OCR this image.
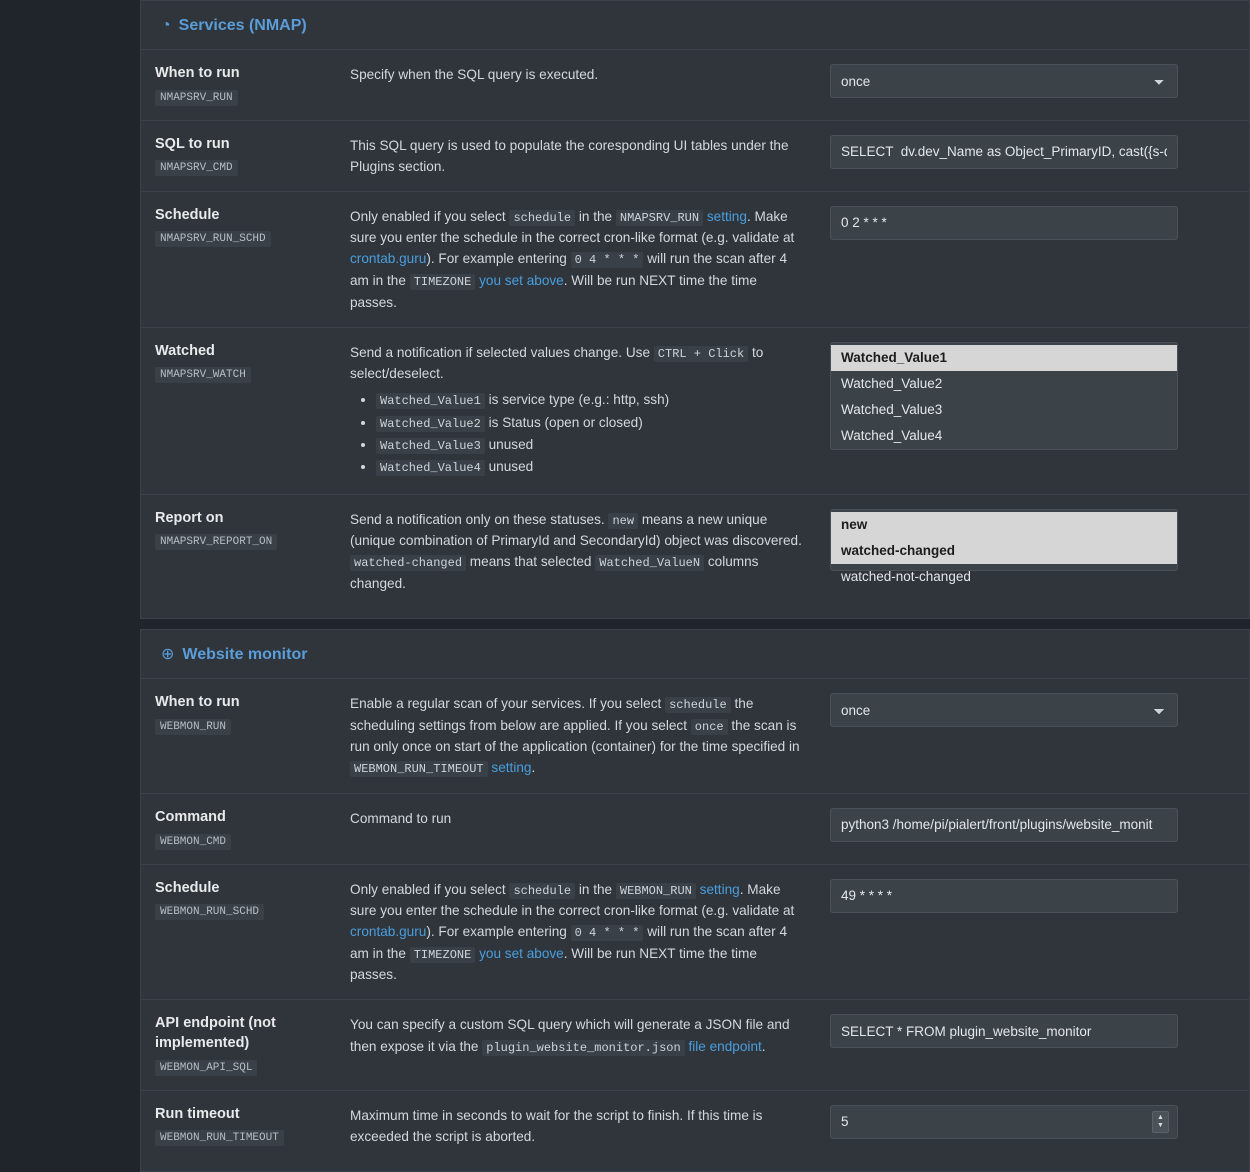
◔ Services (NMAP)
When to run
NMAPSRV_RUN
Specify when the SQL query is executed.
once
SQL to run
NMAPSRV_CMD
This SQL query is used to populate the coresponding UI tables under the Plugins section.
SELECT dv.dev_Name as Object_PrimaryID, cast({s-quo
Schedule
NMAPSRV_RUN_SCHD
Only enabled if you select schedule in the NMAPSRV_RUN setting. Make sure you enter the schedule in the correct cron-like format (e.g. validate at crontab.guru). For example entering 0 4 * * * will run the scan after 4 am in the TIMEZONE you set above. Will be run NEXT time the time passes.
0 2 * * *
Watched
NMAPSRV_WATCH
Send a notification if selected values change. Use CTRL + Click to select/deselect.
• Watched_Value1 is service type (e.g.: http, ssh)
• Watched_Value2 is Status (open or closed)
• Watched_Value3 unused
• Watched_Value4 unused
Watched_Value1
Watched_Value2
Watched_Value3
Watched_Value4
Report on
NMAPSRV_REPORT_ON
Send a notification only on these statuses. new means a new unique (unique combination of PrimaryId and SecondaryId) object was discovered. watched-changed means that selected Watched_ValueN columns changed.
new
watched-changed
watched-not-changed
⊕ Website monitor
When to run
WEBMON_RUN
Enable a regular scan of your services. If you select schedule the scheduling settings from below are applied. If you select once the scan is run only once on start of the application (container) for the time specified in WEBMON_RUN_TIMEOUT setting.
once
Command
WEBMON_CMD
Command to run
python3 /home/pi/pialert/front/plugins/website_monit
Schedule
WEBMON_RUN_SCHD
Only enabled if you select schedule in the WEBMON_RUN setting. Make sure you enter the schedule in the correct cron-like format (e.g. validate at crontab.guru). For example entering 0 4 * * * will run the scan after 4 am in the TIMEZONE you set above. Will be run NEXT time the time passes.
49 * * * *
API endpoint (not implemented)
WEBMON_API_SQL
You can specify a custom SQL query which will generate a JSON file and then expose it via the plugin_website_monitor.json file endpoint.
SELECT * FROM plugin_website_monitor
Run timeout
WEBMON_RUN_TIMEOUT
Maximum time in seconds to wait for the script to finish. If this time is exceeded the script is aborted.
5
▲
▼
